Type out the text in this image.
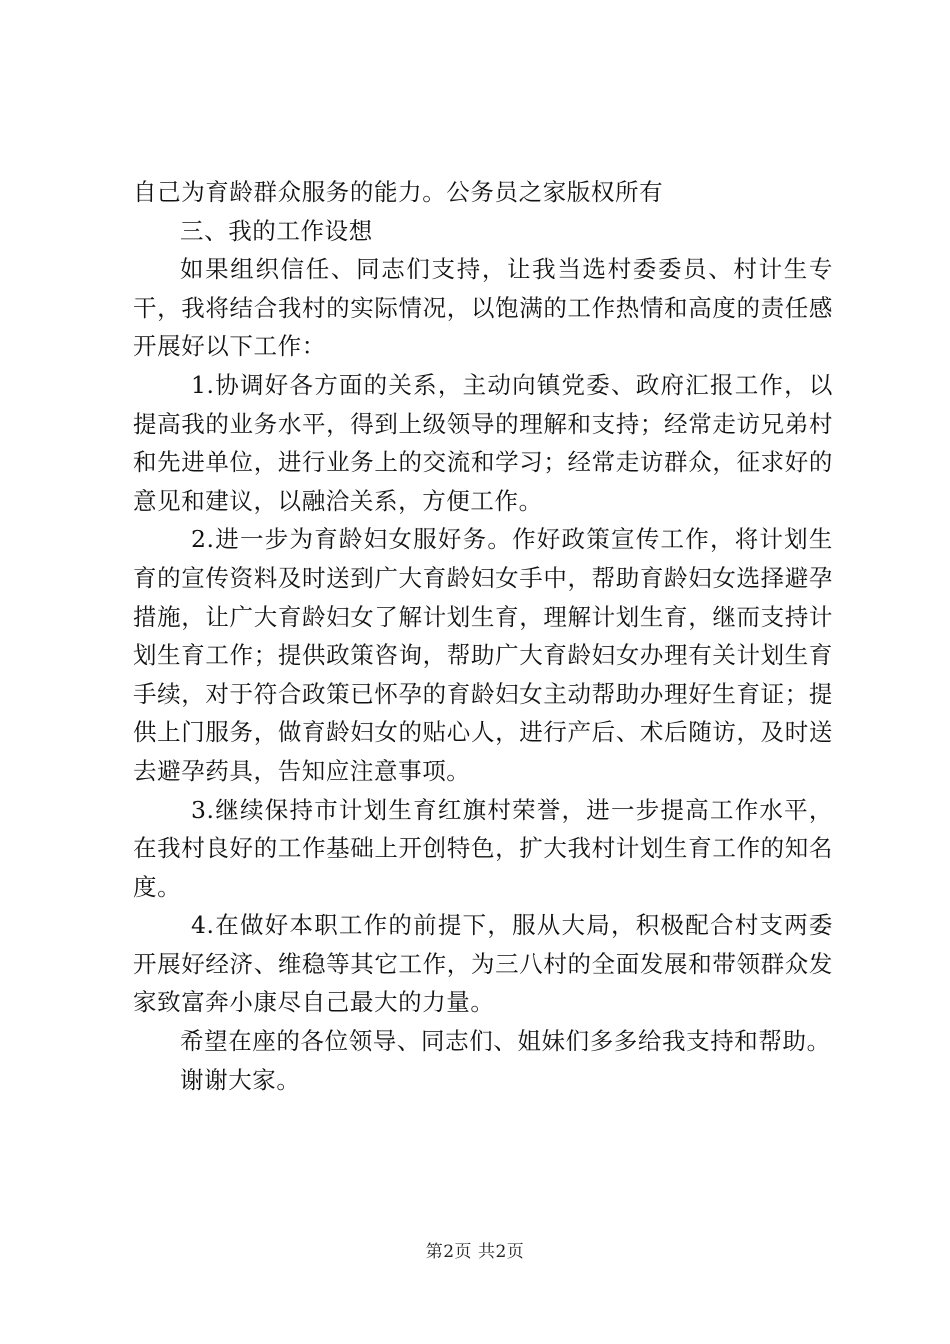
自己为育龄群众服务的能力。公务员之家版权所有

三、我的工作设想

如果组织信任、同志们支持，让我当选村委委员、村计生专干，我将结合我村的实际情况，以饱满的工作热情和高度的责任感开展好以下工作：

1.协调好各方面的关系，主动向镇党委、政府汇报工作，以提高我的业务水平，得到上级领导的理解和支持；经常走访兄弟村和先进单位，进行业务上的交流和学习；经常走访群众，征求好的意见和建议，以融洽关系，方便工作。

2.进一步为育龄妇女服好务。作好政策宣传工作，将计划生育的宣传资料及时送到广大育龄妇女手中，帮助育龄妇女选择避孕措施，让广大育龄妇女了解计划生育，理解计划生育，继而支持计划生育工作；提供政策咨询，帮助广大育龄妇女办理有关计划生育手续，对于符合政策已怀孕的育龄妇女主动帮助办理好生育证；提供上门服务，做育龄妇女的贴心人，进行产后、术后随访，及时送去避孕药具，告知应注意事项。

3.继续保持市计划生育红旗村荣誉，进一步提高工作水平，在我村良好的工作基础上开创特色，扩大我村计划生育工作的知名度。

4.在做好本职工作的前提下，服从大局，积极配合村支两委开展好经济、维稳等其它工作，为三八村的全面发展和带领群众发家致富奔小康尽自己最大的力量。

希望在座的各位领导、同志们、姐妹们多多给我支持和帮助。

谢谢大家。

第2页 共2页
